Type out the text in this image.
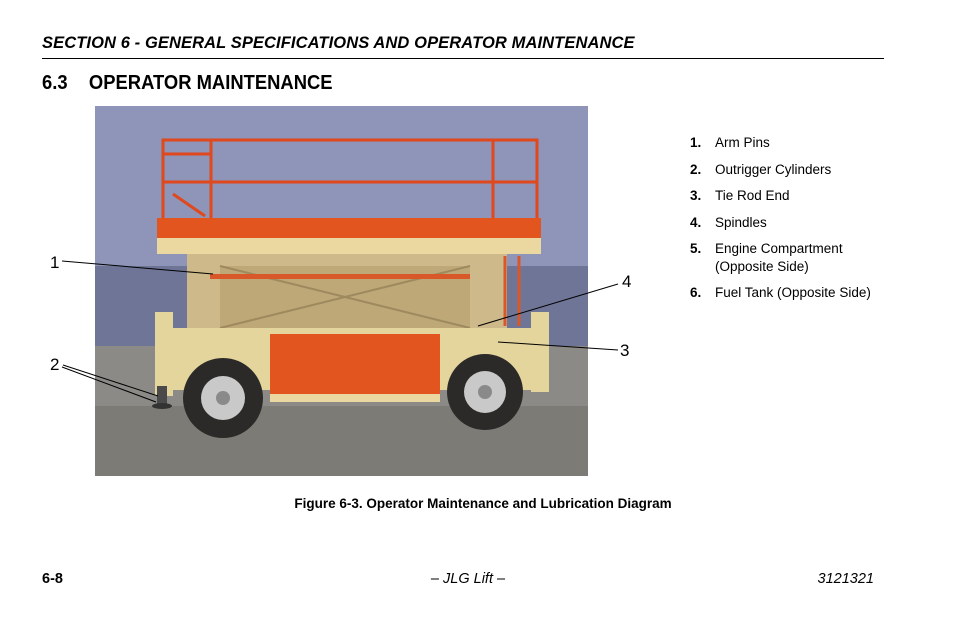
SECTION 6 - GENERAL SPECIFICATIONS AND OPERATOR MAINTENANCE
6.3 OPERATOR MAINTENANCE
1
2
3
4
1. Arm Pins
2. Outrigger Cylinders
3. Tie Rod End
4. Spindles
5. Engine Compartment (Opposite Side)
6. Fuel Tank (Opposite Side)
Figure 6-3. Operator Maintenance and Lubrication Diagram
6-8	– JLG Lift –	3121321
